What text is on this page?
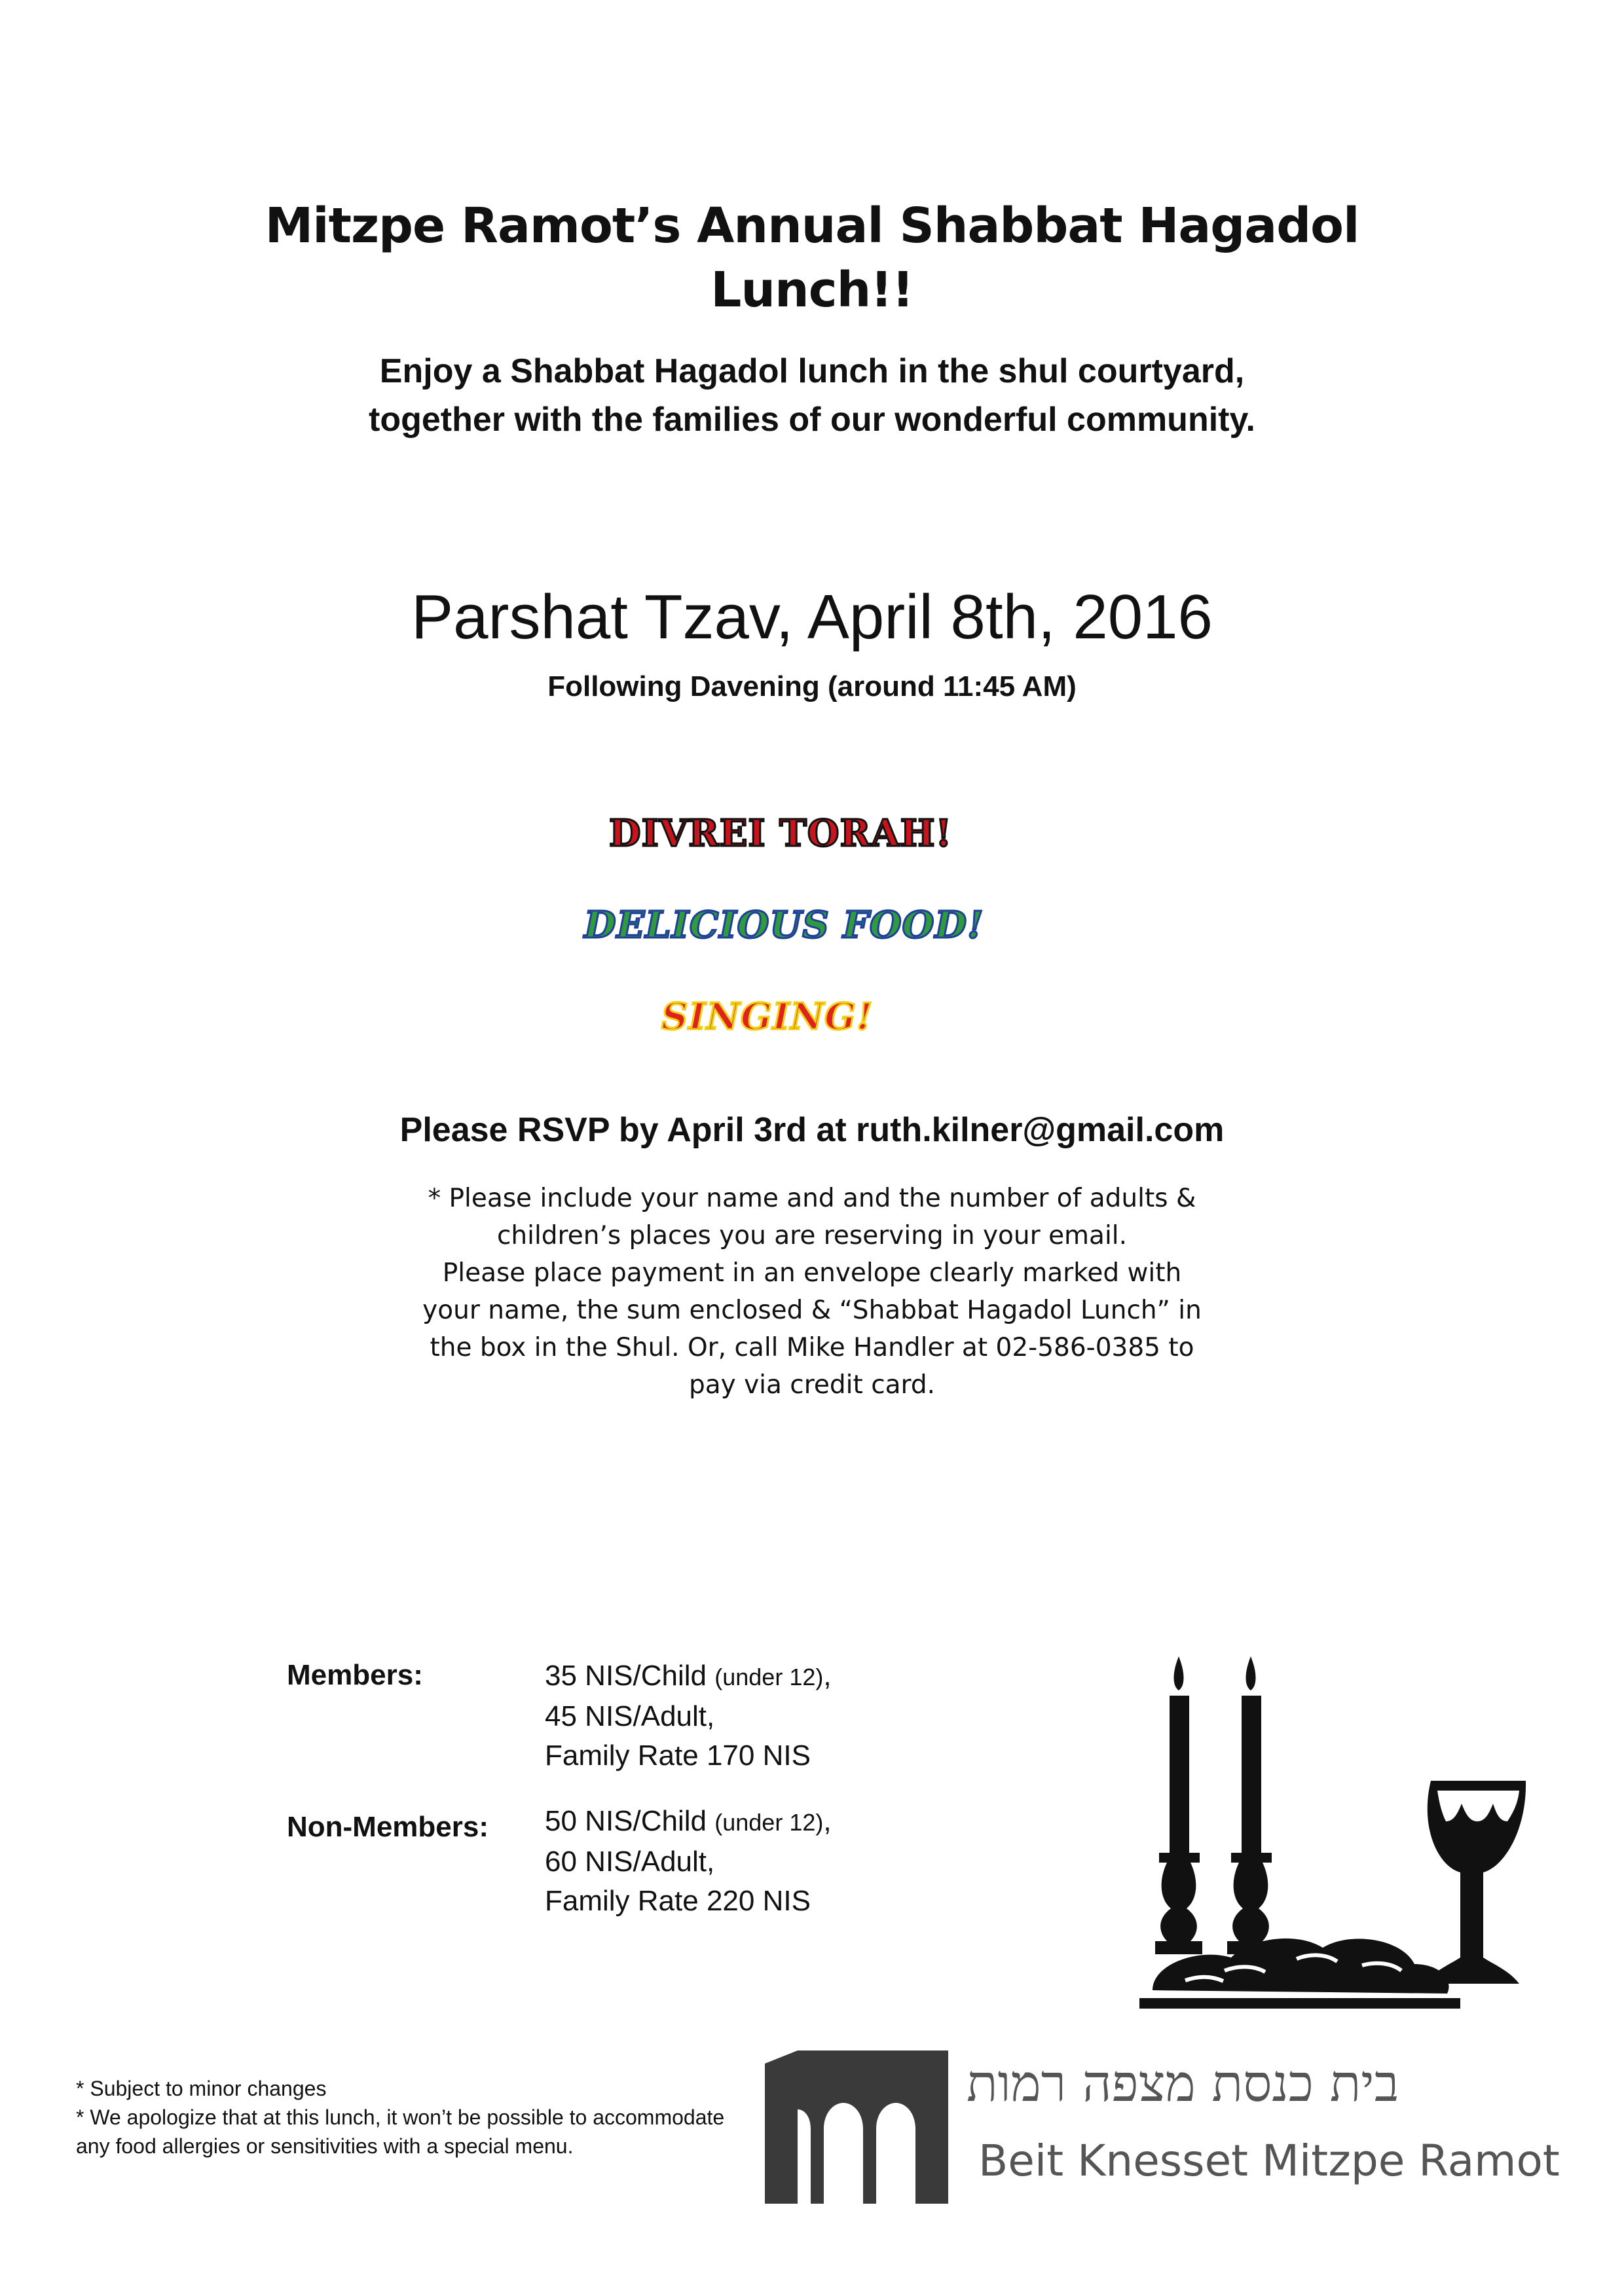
Mitzpe Ramot’s Annual Shabbat Hagadol
Lunch!!
Enjoy a Shabbat Hagadol lunch in the shul courtyard,
together with the families of our wonderful community.
Parshat Tzav, April 8th, 2016
Following Davening (around 11:45 AM)
DIVREI TORAH!
DELICIOUS FOOD!
SINGING!
Please RSVP by April 3rd at ruth.kilner@gmail.com
* Please include your name and and the number of adults &
children’s places you are reserving in your email.
Please place payment in an envelope clearly marked with
your name, the sum enclosed & “Shabbat Hagadol Lunch” in
the box in the Shul. Or, call Mike Handler at 02-586-0385 to
pay via credit card.
Members:	35 NIS/Child (under 12),
45 NIS/Adult,
Family Rate 170 NIS
Non-Members: 50 NIS/Child (under 12),
60 NIS/Adult,
Family Rate 220 NIS
* Subject to minor changes
* We apologize that at this lunch, it won’t be possible to accommodate
any food allergies or sensitivities with a special menu.
בית כנסת מצפה רמות
Beit Knesset Mitzpe Ramot
